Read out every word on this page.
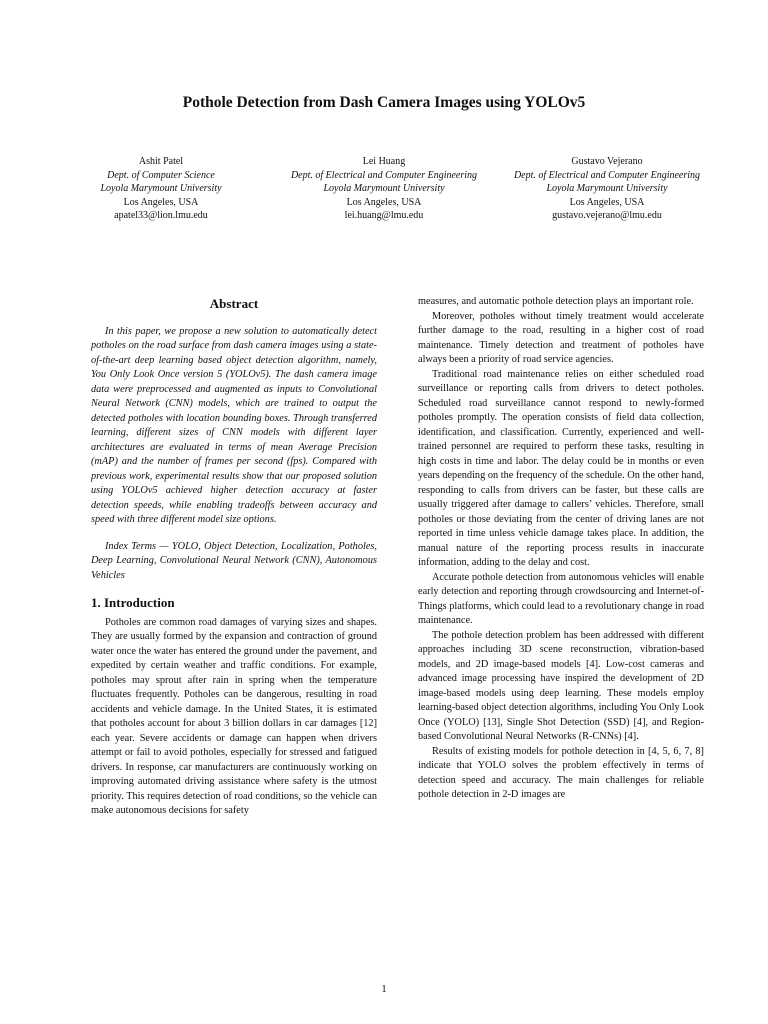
Pothole Detection from Dash Camera Images using YOLOv5
Ashit Patel
Dept. of Computer Science
Loyola Marymount University
Los Angeles, USA
apatel33@lion.lmu.edu
Lei Huang
Dept. of Electrical and Computer Engineering
Loyola Marymount University
Los Angeles, USA
lei.huang@lmu.edu
Gustavo Vejerano
Dept. of Electrical and Computer Engineering
Loyola Marymount University
Los Angeles, USA
gustavo.vejerano@lmu.edu
Abstract

In this paper, we propose a new solution to automatically detect potholes on the road surface from dash camera images using a state-of-the-art deep learning based object detection algorithm, namely, You Only Look Once version 5 (YOLOv5). The dash camera image data were preprocessed and augmented as inputs to Convolutional Neural Network (CNN) models, which are trained to output the detected potholes with location bounding boxes. Through transferred learning, different sizes of CNN models with different layer architectures are evaluated in terms of mean Average Precision (mAP) and the number of frames per second (fps). Compared with previous work, experimental results show that our proposed solution using YOLOv5 achieved higher detection accuracy at faster detection speeds, while enabling tradeoffs between accuracy and speed with three different model size options.

Index Terms — YOLO, Object Detection, Localization, Potholes, Deep Learning, Convolutional Neural Network (CNN), Autonomous Vehicles

1. Introduction

Potholes are common road damages of varying sizes and shapes. They are usually formed by the expansion and contraction of ground water once the water has entered the ground under the pavement, and expedited by certain weather and traffic conditions. For example, potholes may sprout after rain in spring when the temperature fluctuates frequently. Potholes can be dangerous, resulting in road accidents and vehicle damage. In the United States, it is estimated that potholes account for about 3 billion dollars in car damages [12] each year. Severe accidents or damage can happen when drivers attempt or fail to avoid potholes, especially for stressed and fatigued drivers. In response, car manufacturers are continuously working on improving automated driving assistance where safety is the utmost priority. This requires detection of road conditions, so the vehicle can make autonomous decisions for safety

measures, and automatic pothole detection plays an important role.

Moreover, potholes without timely treatment would accelerate further damage to the road, resulting in a higher cost of road maintenance. Timely detection and treatment of potholes have always been a priority of road service agencies.

Traditional road maintenance relies on either scheduled road surveillance or reporting calls from drivers to detect potholes. Scheduled road surveillance cannot respond to newly-formed potholes promptly. The operation consists of field data collection, identification, and classification. Currently, experienced and well-trained personnel are required to perform these tasks, resulting in high costs in time and labor. The delay could be in months or even years depending on the frequency of the schedule. On the other hand, responding to calls from drivers can be faster, but these calls are usually triggered after damage to callers’ vehicles. Therefore, small potholes or those deviating from the center of driving lanes are not reported in time unless vehicle damage takes place. In addition, the manual nature of the reporting process results in inaccurate information, adding to the delay and cost.

Accurate pothole detection from autonomous vehicles will enable early detection and reporting through crowdsourcing and Internet-of-Things platforms, which could lead to a revolutionary change in road maintenance.

The pothole detection problem has been addressed with different approaches including 3D scene reconstruction, vibration-based models, and 2D image-based models [4]. Low-cost cameras and advanced image processing have inspired the development of 2D image-based models using deep learning. These models employ learning-based object detection algorithms, including You Only Look Once (YOLO) [13], Single Shot Detection (SSD) [4], and Region-based Convolutional Neural Networks (R-CNNs) [4].

Results of existing models for pothole detection in [4, 5, 6, 7, 8] indicate that YOLO solves the problem effectively in terms of detection speed and accuracy. The main challenges for reliable pothole detection in 2-D images are

1
